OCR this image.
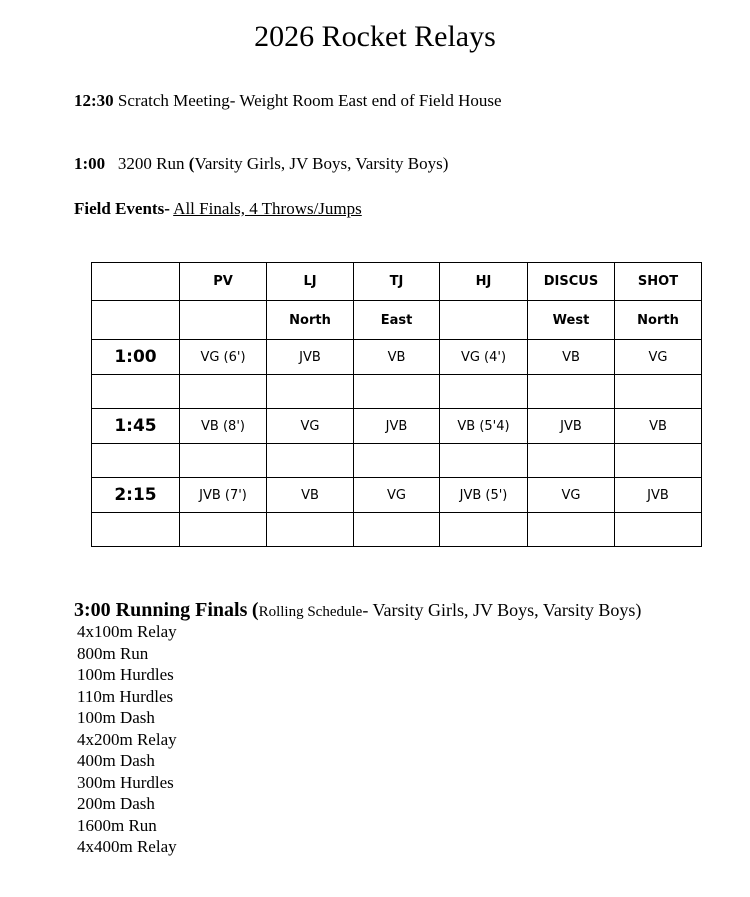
2026 Rocket Relays
12:30 Scratch Meeting- Weight Room East end of Field House
1:00 3200 Run (Varsity Girls, JV Boys, Varsity Boys)
Field Events- All Finals, 4 Throws/Jumps
	PV	LJ	TJ	HJ	DISCUS	SHOT
		North	East		West	North
1:00	VG (6')	JVB	VB	VG (4')	VB	VG

1:45	VB (8')	VG	JVB	VB (5'4)	JVB	VB

2:15	JVB (7')	VB	VG	JVB (5')	VG	JVB

3:00 Running Finals (Rolling Schedule- Varsity Girls, JV Boys, Varsity Boys)
4x100m Relay
800m Run
100m Hurdles
110m Hurdles
100m Dash
4x200m Relay
400m Dash
300m Hurdles
200m Dash
1600m Run
4x400m Relay
